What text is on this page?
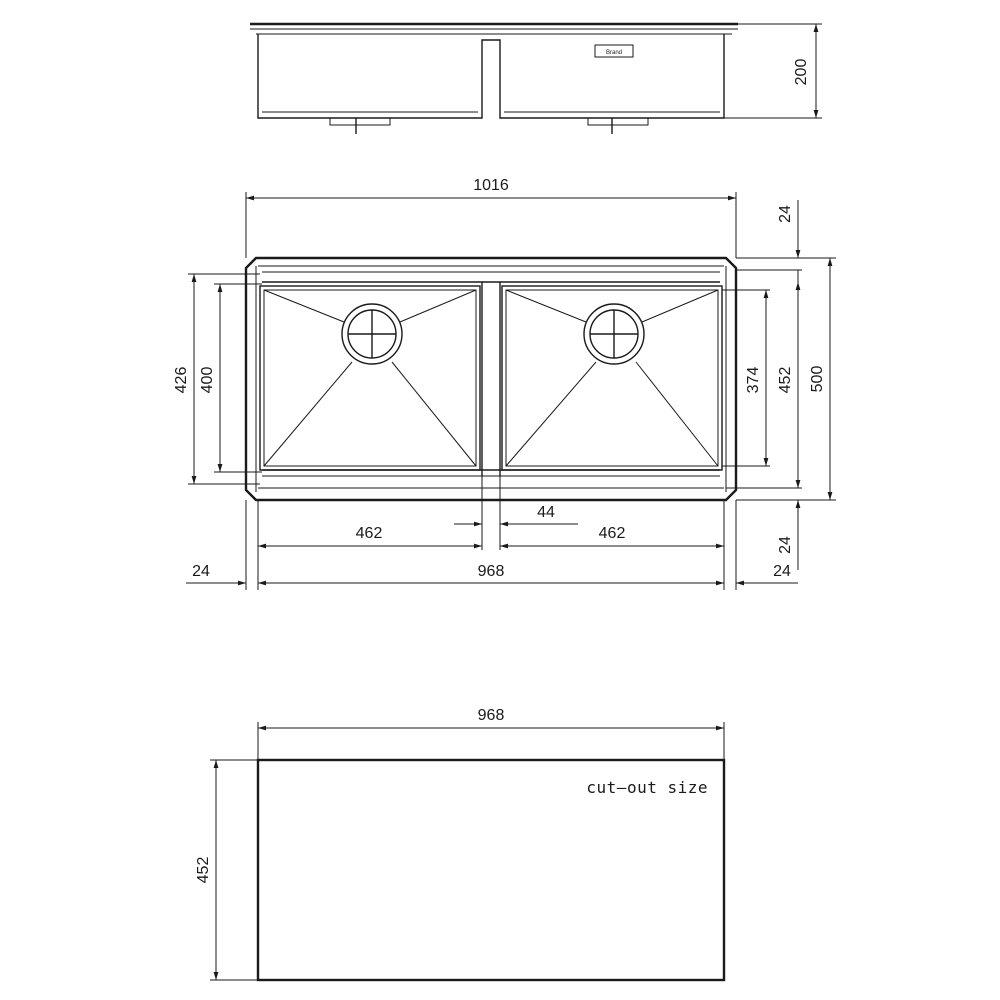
Brand
200
1016
24
500
452
374
24
426 400
462
44
462
24	968	24
968
452
cut–out size
